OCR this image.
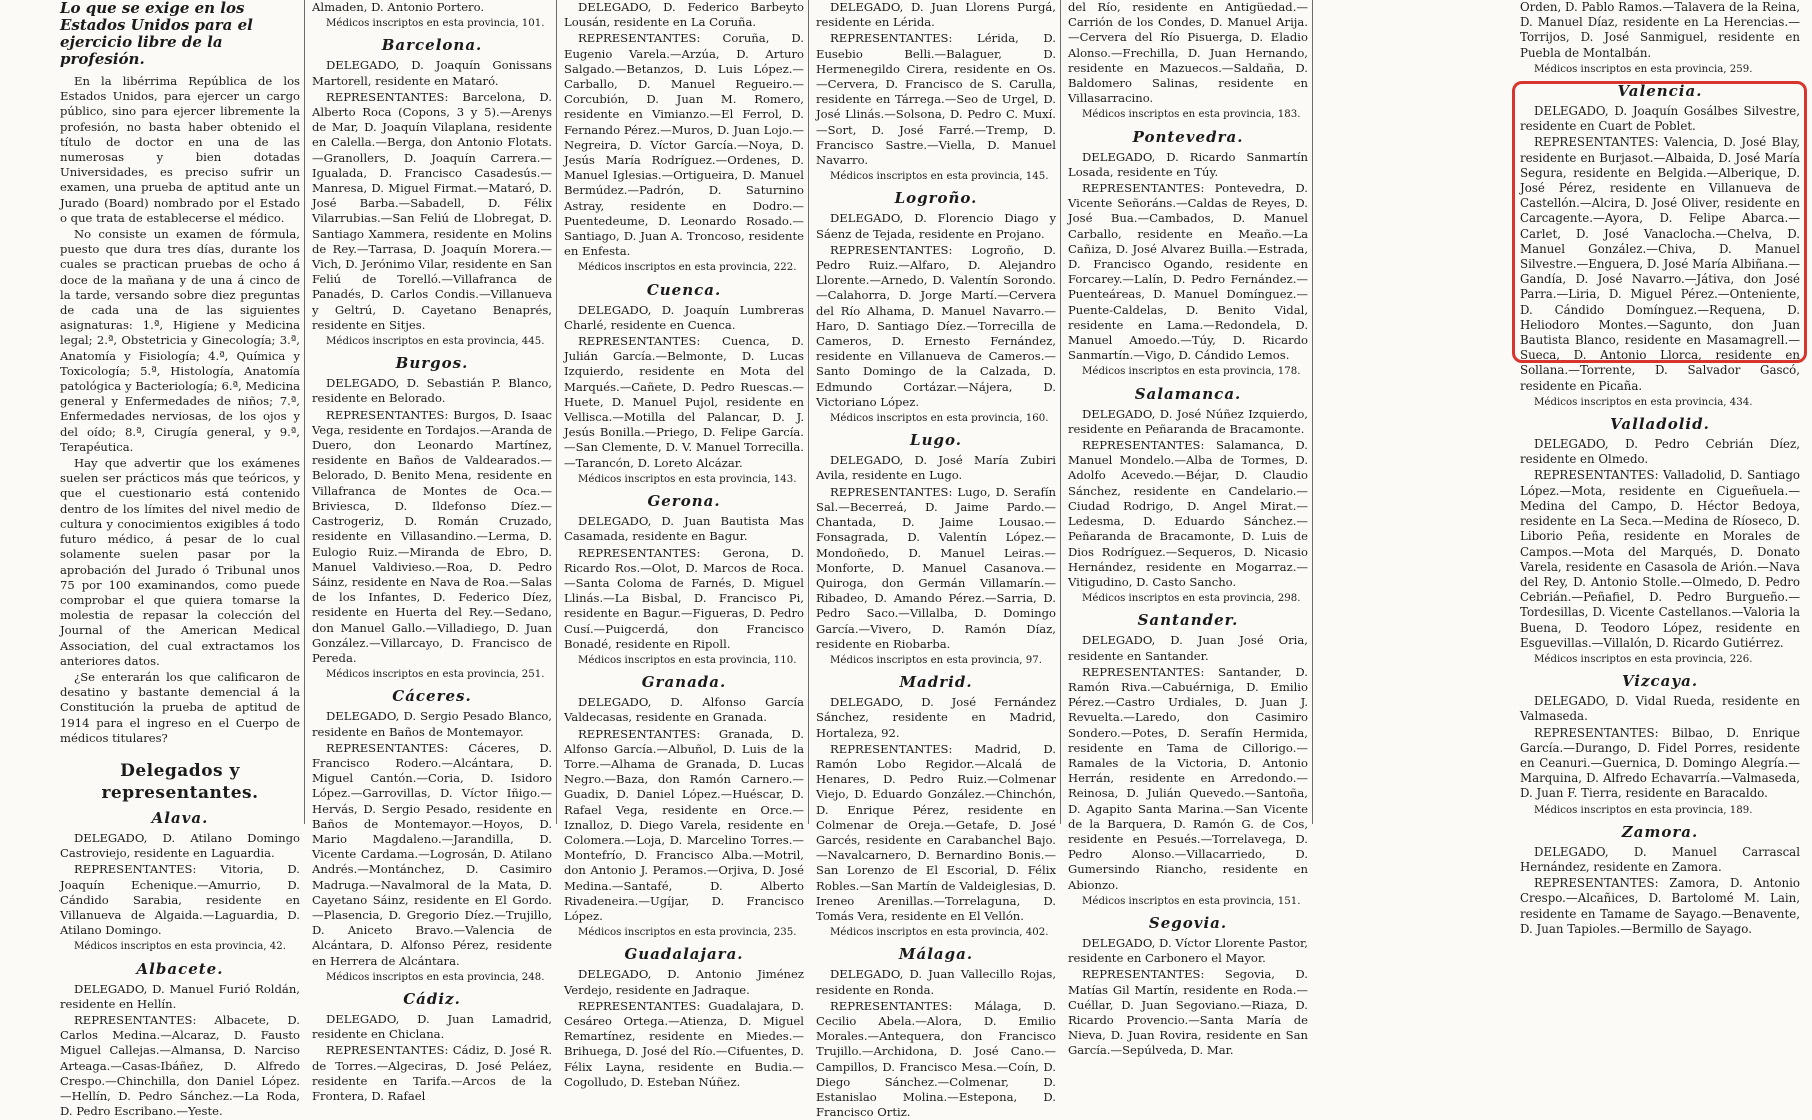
Lo que se exige en los Estados Unidos para el ejercicio libre de la profesión.

En la libérrima República de los Estados Unidos, para ejercer un cargo público, sino para ejercer libremente la profesión, no basta haber obtenido el título de doctor en una de las numerosas y bien dotadas Universidades, es preciso sufrir un examen, una prueba de aptitud ante un Jurado (Board) nombrado por el Estado o que trata de establecerse el médico.

No consiste un examen de fórmula, puesto que dura tres días, durante los cuales se practican pruebas de ocho á doce de la mañana y de una á cinco de la tarde, versando sobre diez preguntas de cada una de las siguientes asignaturas: 1.ª, Higiene y Medicina legal; 2.ª, Obstetricia y Ginecología; 3.ª, Anatomía y Fisiología; 4.ª, Química y Toxicología; 5.ª, Histología, Anatomía patológica y Bacteriología; 6.ª, Medicina general y Enfermedades de niños; 7.ª, Enfermedades nerviosas, de los ojos y del oído; 8.ª, Cirugía general, y 9.ª, Terapéutica.

Hay que advertir que los exámenes suelen ser prácticos más que teóricos, y que el cuestionario está contenido dentro de los límites del nivel medio de cultura y conocimientos exigibles á todo futuro médico, á pesar de lo cual solamente suelen pasar por la aprobación del Jurado ó Tribunal unos 75 por 100 examinandos, como puede comprobar el que quiera tomarse la molestia de repasar la colección del Journal of the American Medical Association, del cual extractamos los anteriores datos.

¿Se enterarán los que calificaron de desatino y bastante demencial á la Constitución la prueba de aptitud de 1914 para el ingreso en el Cuerpo de médicos titulares?

Delegados y representantes.
Alava.

DELEGADO, D. Atilano Domingo Castroviejo, residente en Laguardia.

REPRESENTANTES: Vitoria, D. Joaquín Echenique.—Amurrio, D. Cándido Sarabia, residente en Villanueva de Algaida.—Laguardia, D. Atilano Domingo.

Médicos inscriptos en esta provincia, 42.

Albacete.

DELEGADO, D. Manuel Furió Roldán, residente en Hellín.

REPRESENTANTES: Albacete, D. Carlos Medina.—Alcaraz, D. Fausto Miguel Callejas.—Almansa, D. Narciso Arteaga.—Casas-Ibáñez, D. Alfredo Crespo.—Chinchilla, don Daniel López.—Hellín, D. Pedro Sánchez.—La Roda, D. Pedro Escribano.—Yeste.

Almaden, D. Antonio Portero.

Médicos inscriptos en esta provincia, 101.

Barcelona.

DELEGADO, D. Joaquín Gonissans Martorell, residente en Mataró.

REPRESENTANTES: Barcelona, D. Alberto Roca (Copons, 3 y 5).—Arenys de Mar, D. Joaquín Vilaplana, residente en Calella.—Berga, don Antonio Flotats.—Granollers, D. Joaquín Carrera.—Igualada, D. Francisco Casadesús.—Manresa, D. Miguel Firmat.—Mataró, D. José Barba.—Sabadell, D. Félix Vilarrubias.—San Feliú de Llobregat, D. Santiago Xammera, residente en Molins de Rey.—Tarrasa, D. Joaquín Morera.—Vich, D. Jerónimo Vilar, residente en San Feliú de Torelló.—Villafranca de Panadés, D. Carlos Condis.—Villanueva y Geltrú, D. Cayetano Benaprés, residente en Sitjes.

Médicos inscriptos en esta provincia, 445.

Burgos.

DELEGADO, D. Sebastián P. Blanco, residente en Belorado.

REPRESENTANTES: Burgos, D. Isaac Vega, residente en Tordajos.—Aranda de Duero, don Leonardo Martínez, residente en Baños de Valdearados.—Belorado, D. Benito Mena, residente en Villafranca de Montes de Oca.—Briviesca, D. Ildefonso Díez.—Castrogeriz, D. Román Cruzado, residente en Villasandino.—Lerma, D. Eulogio Ruiz.—Miranda de Ebro, D. Manuel Valdivieso.—Roa, D. Pedro Sáinz, residente en Nava de Roa.—Salas de los Infantes, D. Federico Díez, residente en Huerta del Rey.—Sedano, don Manuel Gallo.—Villadiego, D. Juan González.—Villarcayo, D. Francisco de Pereda.

Médicos inscriptos en esta provincia, 251.

Cáceres.

DELEGADO, D. Sergio Pesado Blanco, residente en Baños de Montemayor.

REPRESENTANTES: Cáceres, D. Francisco Rodero.—Alcántara, D. Miguel Cantón.—Coria, D. Isidoro López.—Garrovillas, D. Víctor Iñigo.—Hervás, D. Sergio Pesado, residente en Baños de Montemayor.—Hoyos, D. Mario Magdaleno.—Jarandilla, D. Vicente Cardama.—Logrosán, D. Atilano Andrés.—Montánchez, D. Casimiro Madruga.—Navalmoral de la Mata, D. Cayetano Sáinz, residente en El Gordo.—Plasencia, D. Gregorio Díez.—Trujillo, D. Aniceto Bravo.—Valencia de Alcántara, D. Alfonso Pérez, residente en Herrera de Alcántara.

Médicos inscriptos en esta provincia, 248.

Cádiz.

DELEGADO, D. Juan Lamadrid, residente en Chiclana.

REPRESENTANTES: Cádiz, D. José R. de Torres.—Algeciras, D. José Peláez, residente en Tarifa.—Arcos de la Frontera, D. Rafael

DELEGADO, D. Federico Barbeyto Lousán, residente en La Coruña.

REPRESENTANTES: Coruña, D. Eugenio Varela.—Arzúa, D. Arturo Salgado.—Betanzos, D. Luis López.—Carballo, D. Manuel Regueiro.—Corcubión, D. Juan M. Romero, residente en Vimianzo.—El Ferrol, D. Fernando Pérez.—Muros, D. Juan Lojo.—Negreira, D. Víctor García.—Noya, D. Jesús María Rodríguez.—Ordenes, D. Manuel Iglesias.—Ortigueira, D. Manuel Bermúdez.—Padrón, D. Saturnino Astray, residente en Dodro.—Puentedeume, D. Leonardo Rosado.—Santiago, D. Juan A. Troncoso, residente en Enfesta.

Médicos inscriptos en esta provincia, 222.

Cuenca.

DELEGADO, D. Joaquín Lumbreras Charlé, residente en Cuenca.

REPRESENTANTES: Cuenca, D. Julián García.—Belmonte, D. Lucas Izquierdo, residente en Mota del Marqués.—Cañete, D. Pedro Ruescas.—Huete, D. Manuel Pujol, residente en Vellisca.—Motilla del Palancar, D. J. Jesús Bonilla.—Priego, D. Felipe García.—San Clemente, D. V. Manuel Torrecilla.—Tarancón, D. Loreto Alcázar.

Médicos inscriptos en esta provincia, 143.

Gerona.

DELEGADO, D. Juan Bautista Mas Casamada, residente en Bagur.

REPRESENTANTES: Gerona, D. Ricardo Ros.—Olot, D. Marcos de Roca.—Santa Coloma de Farnés, D. Miguel Llinás.—La Bisbal, D. Francisco Pi, residente en Bagur.—Figueras, D. Pedro Cusí.—Puigcerdá, don Francisco Bonadé, residente en Ripoll.

Médicos inscriptos en esta provincia, 110.

Granada.

DELEGADO, D. Alfonso García Valdecasas, residente en Granada.

REPRESENTANTES: Granada, D. Alfonso García.—Albuñol, D. Luis de la Torre.—Alhama de Granada, D. Lucas Negro.—Baza, don Ramón Carnero.—Guadix, D. Daniel López.—Huéscar, D. Rafael Vega, residente en Orce.—Iznalloz, D. Diego Varela, residente en Colomera.—Loja, D. Marcelino Torres.—Montefrío, D. Francisco Alba.—Motril, don Antonio J. Peramos.—Orjiva, D. José Medina.—Santafé, D. Alberto Rivadeneira.—Ugíjar, D. Francisco López.

Médicos inscriptos en esta provincia, 235.

Guadalajara.

DELEGADO, D. Antonio Jiménez Verdejo, residente en Jadraque.

REPRESENTANTES: Guadalajara, D. Cesáreo Ortega.—Atienza, D. Miguel Remartínez, residente en Miedes.—Brihuega, D. José del Río.—Cifuentes, D. Félix Layna, residente en Budia.—Cogolludo, D. Esteban Núñez.

DELEGADO, D. Juan Llorens Purgá, residente en Lérida.

REPRESENTANTES: Lérida, D. Eusebio Belli.—Balaguer, D. Hermenegildo Cirera, residente en Os.—Cervera, D. Francisco de S. Carulla, residente en Tárrega.—Seo de Urgel, D. José Llinás.—Solsona, D. Pedro C. Muxí.—Sort, D. José Farré.—Tremp, D. Francisco Sastre.—Viella, D. Manuel Navarro.

Médicos inscriptos en esta provincia, 145.

Logroño.

DELEGADO, D. Florencio Diago y Sáenz de Tejada, residente en Projano.

REPRESENTANTES: Logroño, D. Pedro Ruiz.—Alfaro, D. Alejandro Llorente.—Arnedo, D. Valentín Sorondo.—Calahorra, D. Jorge Martí.—Cervera del Río Alhama, D. Manuel Navarro.—Haro, D. Santiago Díez.—Torrecilla de Cameros, D. Ernesto Fernández, residente en Villanueva de Cameros.—Santo Domingo de la Calzada, D. Edmundo Cortázar.—Nájera, D. Victoriano López.

Médicos inscriptos en esta provincia, 160.

Lugo.

DELEGADO, D. José María Zubiri Avila, residente en Lugo.

REPRESENTANTES: Lugo, D. Serafín Sal.—Becerreá, D. Jaime Pardo.—Chantada, D. Jaime Lousao.—Fonsagrada, D. Valentín López.—Mondoñedo, D. Manuel Leiras.—Monforte, D. Manuel Casanova.—Quiroga, don Germán Villamarín.—Ribadeo, D. Amando Pérez.—Sarria, D. Pedro Saco.—Villalba, D. Domingo García.—Vivero, D. Ramón Díaz, residente en Riobarba.

Médicos inscriptos en esta provincia, 97.

Madrid.

DELEGADO, D. José Fernández Sánchez, residente en Madrid, Hortaleza, 92.

REPRESENTANTES: Madrid, D. Ramón Lobo Regidor.—Alcalá de Henares, D. Pedro Ruiz.—Colmenar Viejo, D. Eduardo González.—Chinchón, D. Enrique Pérez, residente en Colmenar de Oreja.—Getafe, D. José Garcés, residente en Carabanchel Bajo.—Navalcarnero, D. Bernardino Bonis.—San Lorenzo de El Escorial, D. Félix Robles.—San Martín de Valdeiglesias, D. Ireneo Arenillas.—Torrelaguna, D. Tomás Vera, residente en El Vellón.

Médicos inscriptos en esta provincia, 402.

Málaga.

DELEGADO, D. Juan Vallecillo Rojas, residente en Ronda.

REPRESENTANTES: Málaga, D. Cecilio Abela.—Alora, D. Emilio Morales.—Antequera, don Francisco Trujillo.—Archidona, D. José Cano.—Campillos, D. Francisco Mesa.—Coín, D. Diego Sánchez.—Colmenar, D. Estanislao Molina.—Estepona, D. Francisco Ortiz.

del Río, residente en Antigüedad.—Carrión de los Condes, D. Manuel Arija.—Cervera del Río Pisuerga, D. Eladio Alonso.—Frechilla, D. Juan Hernando, residente en Mazuecos.—Saldaña, D. Baldomero Salinas, residente en Villasarracino.

Médicos inscriptos en esta provincia, 183.

Pontevedra.

DELEGADO, D. Ricardo Sanmartín Losada, residente en Túy.

REPRESENTANTES: Pontevedra, D. Vicente Señoráns.—Caldas de Reyes, D. José Bua.—Cambados, D. Manuel Carballo, residente en Meaño.—La Cañiza, D. José Alvarez Builla.—Estrada, D. Francisco Ogando, residente en Forcarey.—Lalín, D. Pedro Fernández.—Puenteáreas, D. Manuel Domínguez.—Puente-Caldelas, D. Benito Vidal, residente en Lama.—Redondela, D. Manuel Amoedo.—Túy, D. Ricardo Sanmartín.—Vigo, D. Cándido Lemos.

Médicos inscriptos en esta provincia, 178.

Salamanca.

DELEGADO, D. José Núñez Izquierdo, residente en Peñaranda de Bracamonte.

REPRESENTANTES: Salamanca, D. Manuel Mondelo.—Alba de Tormes, D. Adolfo Acevedo.—Béjar, D. Claudio Sánchez, residente en Candelario.—Ciudad Rodrigo, D. Angel Mirat.—Ledesma, D. Eduardo Sánchez.—Peñaranda de Bracamonte, D. Luis de Dios Rodríguez.—Sequeros, D. Nicasio Hernández, residente en Mogarraz.—Vitigudino, D. Casto Sancho.

Médicos inscriptos en esta provincia, 298.

Santander.

DELEGADO, D. Juan José Oria, residente en Santander.

REPRESENTANTES: Santander, D. Ramón Riva.—Cabuérniga, D. Emilio Pérez.—Castro Urdiales, D. Juan J. Revuelta.—Laredo, don Casimiro Sondero.—Potes, D. Serafín Hermida, residente en Tama de Cillorigo.—Ramales de la Victoria, D. Antonio Herrán, residente en Arredondo.—Reinosa, D. Julián Quevedo.—Santoña, D. Agapito Santa Marina.—San Vicente de la Barquera, D. Ramón G. de Cos, residente en Pesués.—Torrelavega, D. Pedro Alonso.—Villacarriedo, D. Gumersindo Riancho, residente en Abionzo.

Médicos inscriptos en esta provincia, 151.

Segovia.

DELEGADO, D. Víctor Llorente Pastor, residente en Carbonero el Mayor.

REPRESENTANTES: Segovia, D. Matías Gil Martín, residente en Roda.—Cuéllar, D. Juan Segoviano.—Riaza, D. Ricardo Provencio.—Santa María de Nieva, D. Juan Rovira, residente en San García.—Sepúlveda, D. Mar.

Orden, D. Pablo Ramos.—Talavera de la Reina, D. Manuel Díaz, residente en La Herencias.—Torrijos, D. José Sanmiguel, residente en Puebla de Montalbán.

Médicos inscriptos en esta provincia, 259.

Valencia.

DELEGADO, D. Joaquín Gosálbes Silvestre, residente en Cuart de Poblet.

REPRESENTANTES: Valencia, D. José Blay, residente en Burjasot.—Albaida, D. José María Segura, residente en Belgida.—Alberique, D. José Pérez, residente en Villanueva de Castellón.—Alcira, D. José Oliver, residente en Carcagente.—Ayora, D. Felipe Abarca.—Carlet, D. José Vanaclocha.—Chelva, D. Manuel González.—Chiva, D. Manuel Silvestre.—Enguera, D. José María Albiñana.—Gandía, D. José Navarro.—Játiva, don José Parra.—Liria, D. Miguel Pérez.—Onteniente, D. Cándido Domínguez.—Requena, D. Heliodoro Montes.—Sagunto, don Juan Bautista Blanco, residente en Masamagrell.—Sueca, D. Antonio Llorca, residente en Sollana.—Torrente, D. Salvador Gascó, residente en Picaña.

Médicos inscriptos en esta provincia, 434.

Valladolid.

DELEGADO, D. Pedro Cebrián Díez, residente en Olmedo.

REPRESENTANTES: Valladolid, D. Santiago López.—Mota, residente en Cigueñuela.—Medina del Campo, D. Héctor Bedoya, residente en La Seca.—Medina de Ríoseco, D. Liborio Peña, residente en Morales de Campos.—Mota del Marqués, D. Donato Varela, residente en Casasola de Arión.—Nava del Rey, D. Antonio Stolle.—Olmedo, D. Pedro Cebrián.—Peñafiel, D. Pedro Burgueño.—Tordesillas, D. Vicente Castellanos.—Valoria la Buena, D. Teodoro López, residente en Esguevillas.—Villalón, D. Ricardo Gutiérrez.

Médicos inscriptos en esta provincia, 226.

Vizcaya.

DELEGADO, D. Vidal Rueda, residente en Valmaseda.

REPRESENTANTES: Bilbao, D. Enrique García.—Durango, D. Fidel Porres, residente en Ceanuri.—Guernica, D. Domingo Alegría.—Marquina, D. Alfredo Echavarría.—Valmaseda, D. Juan F. Tierra, residente en Baracaldo.

Médicos inscriptos en esta provincia, 189.

Zamora.

DELEGADO, D. Manuel Carrascal Hernández, residente en Zamora.

REPRESENTANTES: Zamora, D. Antonio Crespo.—Alcañices, D. Bartolomé M. Lain, residente en Tamame de Sayago.—Benavente, D. Juan Tapioles.—Bermillo de Sayago.
